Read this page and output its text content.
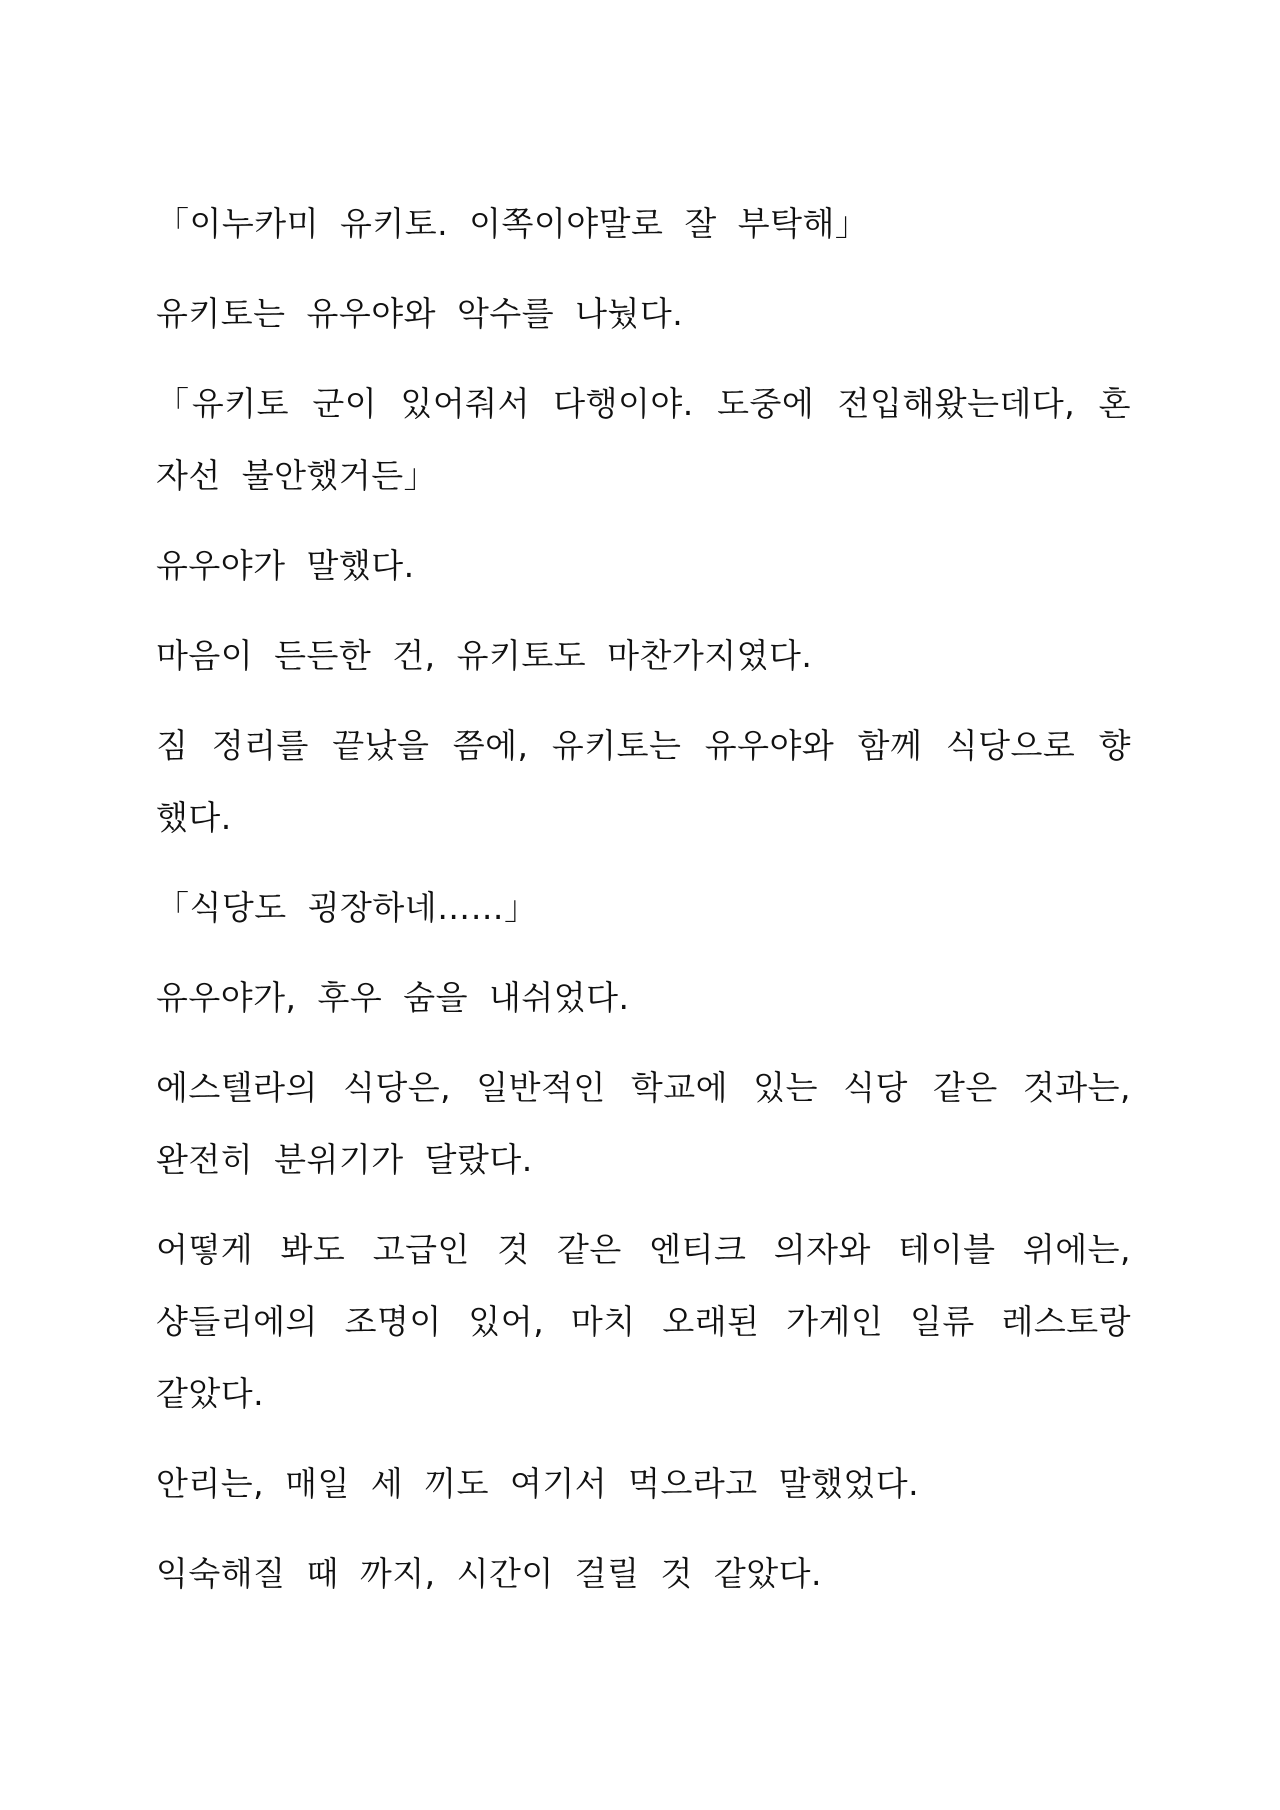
「이누카미 유키토. 이쪽이야말로 잘 부탁해」

유키토는 유우야와 악수를 나눴다.

「유키토 군이 있어줘서 다행이야. 도중에 전입해왔는데다, 혼자선 불안했거든」

유우야가 말했다.

마음이 든든한 건, 유키토도 마찬가지였다.

짐 정리를 끝났을 쯤에, 유키토는 유우야와 함께 식당으로 향했다.

「식당도 굉장하네……」

유우야가, 후우 숨을 내쉬었다.

에스텔라의 식당은, 일반적인 학교에 있는 식당 같은 것과는, 완전히 분위기가 달랐다.

어떻게 봐도 고급인 것 같은 엔티크 의자와 테이블 위에는, 샹들리에의 조명이 있어, 마치 오래된 가게인 일류 레스토랑 같았다.

안리는, 매일 세 끼도 여기서 먹으라고 말했었다.

익숙해질 때 까지, 시간이 걸릴 것 같았다.
